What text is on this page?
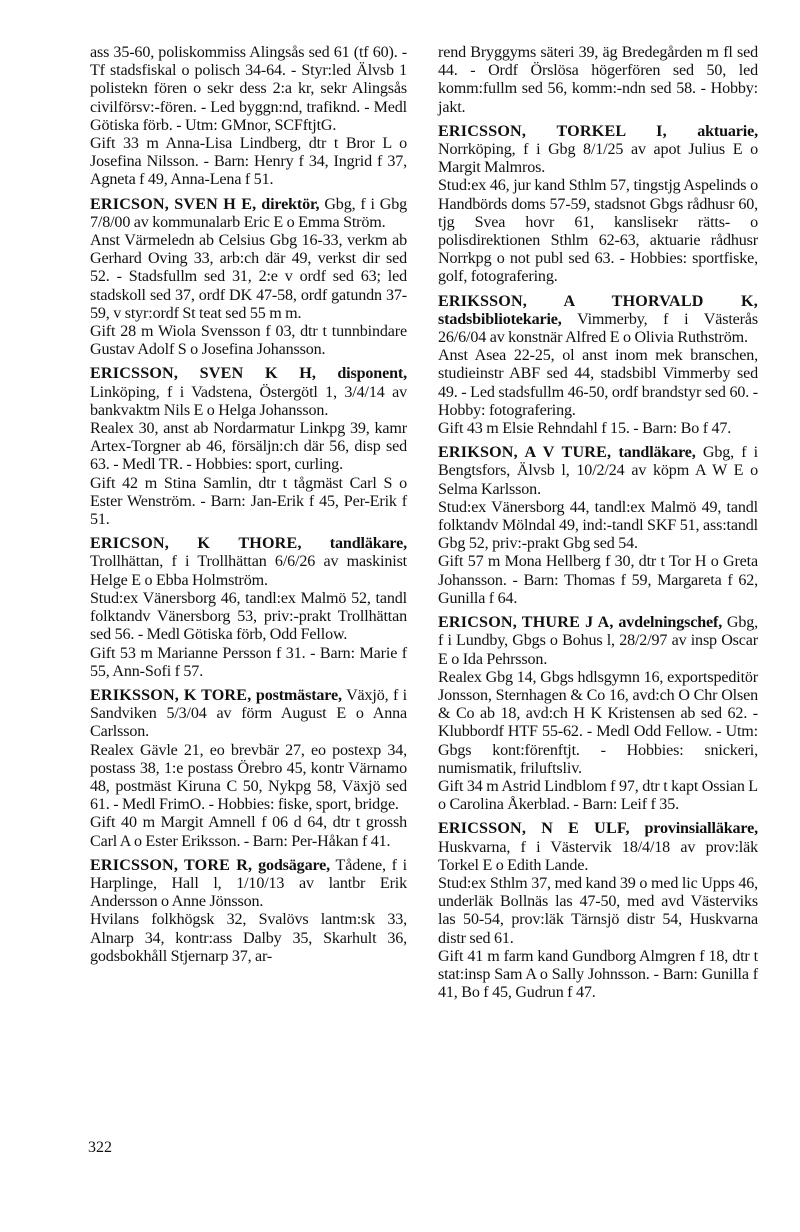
ass 35-60, poliskommiss Alingsås sed 61 (tf 60). - Tf stadsfiskal o polisch 34-64. - Styr:led Älvsb 1 polistekn fören o sekr dess 2:a kr, sekr Alingsås civilförsv:-fören. - Led byggn:nd, trafiknd. - Medl Götiska förb. - Utm: GMnor, SCFftjtG.

Gift 33 m Anna-Lisa Lindberg, dtr t Bror L o Josefina Nilsson. - Barn: Henry f 34, Ingrid f 37, Agneta f 49, Anna-Lena f 51.

ERICSON, SVEN H E, direktör, Gbg, f i Gbg 7/8/00 av kommunalarb Eric E o Emma Ström.

Anst Värmeledn ab Celsius Gbg 16-33, verkm ab Gerhard Oving 33, arb:ch där 49, verkst dir sed 52. - Stadsfullm sed 31, 2:e v ordf sed 63; led stadskoll sed 37, ordf DK 47-58, ordf gatundn 37-59, v styr:ordf St teat sed 55 m m.

Gift 28 m Wiola Svensson f 03, dtr t tunnbindare Gustav Adolf S o Josefina Johansson.

ERICSSON, SVEN K H, disponent, Linköping, f i Vadstena, Östergötl 1, 3/4/14 av bankvaktm Nils E o Helga Johansson.

Realex 30, anst ab Nordarmatur Linkpg 39, kamr Artex-Torgner ab 46, försäljn:ch där 56, disp sed 63. - Medl TR. - Hobbies: sport, curling.

Gift 42 m Stina Samlin, dtr t tågmäst Carl S o Ester Wenström. - Barn: Jan-Erik f 45, Per-Erik f 51.

ERICSON, K THORE, tandläkare, Trollhättan, f i Trollhättan 6/6/26 av maskinist Helge E o Ebba Holmström.

Stud:ex Vänersborg 46, tandl:ex Malmö 52, tandl folktandv Vänersborg 53, priv:-prakt Trollhättan sed 56. - Medl Götiska förb, Odd Fellow.

Gift 53 m Marianne Persson f 31. - Barn: Marie f 55, Ann-Sofi f 57.

ERIKSSON, K TORE, postmästare, Växjö, f i Sandviken 5/3/04 av förm August E o Anna Carlsson.

Realex Gävle 21, eo brevbär 27, eo postexp 34, postass 38, 1:e postass Örebro 45, kontr Värnamo 48, postmäst Kiruna C 50, Nykpg 58, Växjö sed 61. - Medl FrimO. - Hobbies: fiske, sport, bridge.

Gift 40 m Margit Amnell f 06 d 64, dtr t grossh Carl A o Ester Eriksson. - Barn: Per-Håkan f 41.

ERICSSON, TORE R, godsägare, Tådene, f i Harplinge, Hall l, 1/10/13 av lantbr Erik Andersson o Anne Jönsson.

Hvilans folkhögsk 32, Svalövs lantm:sk 33, Alnarp 34, kontr:ass Dalby 35, Skarhult 36, godsbokhåll Stjernarp 37, ar-

rend Bryggyms säteri 39, äg Bredegården m fl sed 44. - Ordf Örslösa högerfören sed 50, led komm:fullm sed 56, komm:-ndn sed 58. - Hobby: jakt.

ERICSSON, TORKEL I, aktuarie, Norrköping, f i Gbg 8/1/25 av apot Julius E o Margit Malmros.

Stud:ex 46, jur kand Sthlm 57, tingstjg Aspelinds o Handbörds doms 57-59, stadsnot Gbgs rådhusr 60, tjg Svea hovr 61, kanslisekr rätts- o polisdirektionen Sthlm 62-63, aktuarie rådhusr Norrkpg o not publ sed 63. - Hobbies: sportfiske, golf, fotografering.

ERIKSSON, A THORVALD K, stadsbibliotekarie, Vimmerby, f i Västerås 26/6/04 av konstnär Alfred E o Olivia Ruthström.

Anst Asea 22-25, ol anst inom mek branschen, studieinstr ABF sed 44, stadsbibl Vimmerby sed 49. - Led stadsfullm 46-50, ordf brandstyr sed 60. - Hobby: fotografering.

Gift 43 m Elsie Rehndahl f 15. - Barn: Bo f 47.

ERIKSON, A V TURE, tandläkare, Gbg, f i Bengtsfors, Älvsb l, 10/2/24 av köpm A W E o Selma Karlsson.

Stud:ex Vänersborg 44, tandl:ex Malmö 49, tandl folktandv Mölndal 49, ind:-tandl SKF 51, ass:tandl Gbg 52, priv:-prakt Gbg sed 54.

Gift 57 m Mona Hellberg f 30, dtr t Tor H o Greta Johansson. - Barn: Thomas f 59, Margareta f 62, Gunilla f 64.

ERICSON, THURE J A, avdelningschef, Gbg, f i Lundby, Gbgs o Bohus l, 28/2/97 av insp Oscar E o Ida Pehrsson.

Realex Gbg 14, Gbgs hdlsgymn 16, exportspeditör Jonsson, Sternhagen & Co 16, avd:ch O Chr Olsen & Co ab 18, avd:ch H K Kristensen ab sed 62. - Klubbordf HTF 55-62. - Medl Odd Fellow. - Utm: Gbgs kont:förenftjt. - Hobbies: snickeri, numismatik, friluftsliv.

Gift 34 m Astrid Lindblom f 97, dtr t kapt Ossian L o Carolina Åkerblad. - Barn: Leif f 35.

ERICSSON, N E ULF, provinsialläkare, Huskvarna, f i Västervik 18/4/18 av prov:läk Torkel E o Edith Lande.

Stud:ex Sthlm 37, med kand 39 o med lic Upps 46, underläk Bollnäs las 47-50, med avd Västerviks las 50-54, prov:läk Tärnsjö distr 54, Huskvarna distr sed 61.

Gift 41 m farm kand Gundborg Almgren f 18, dtr t stat:insp Sam A o Sally Johnsson. - Barn: Gunilla f 41, Bo f 45, Gudrun f 47.

322
